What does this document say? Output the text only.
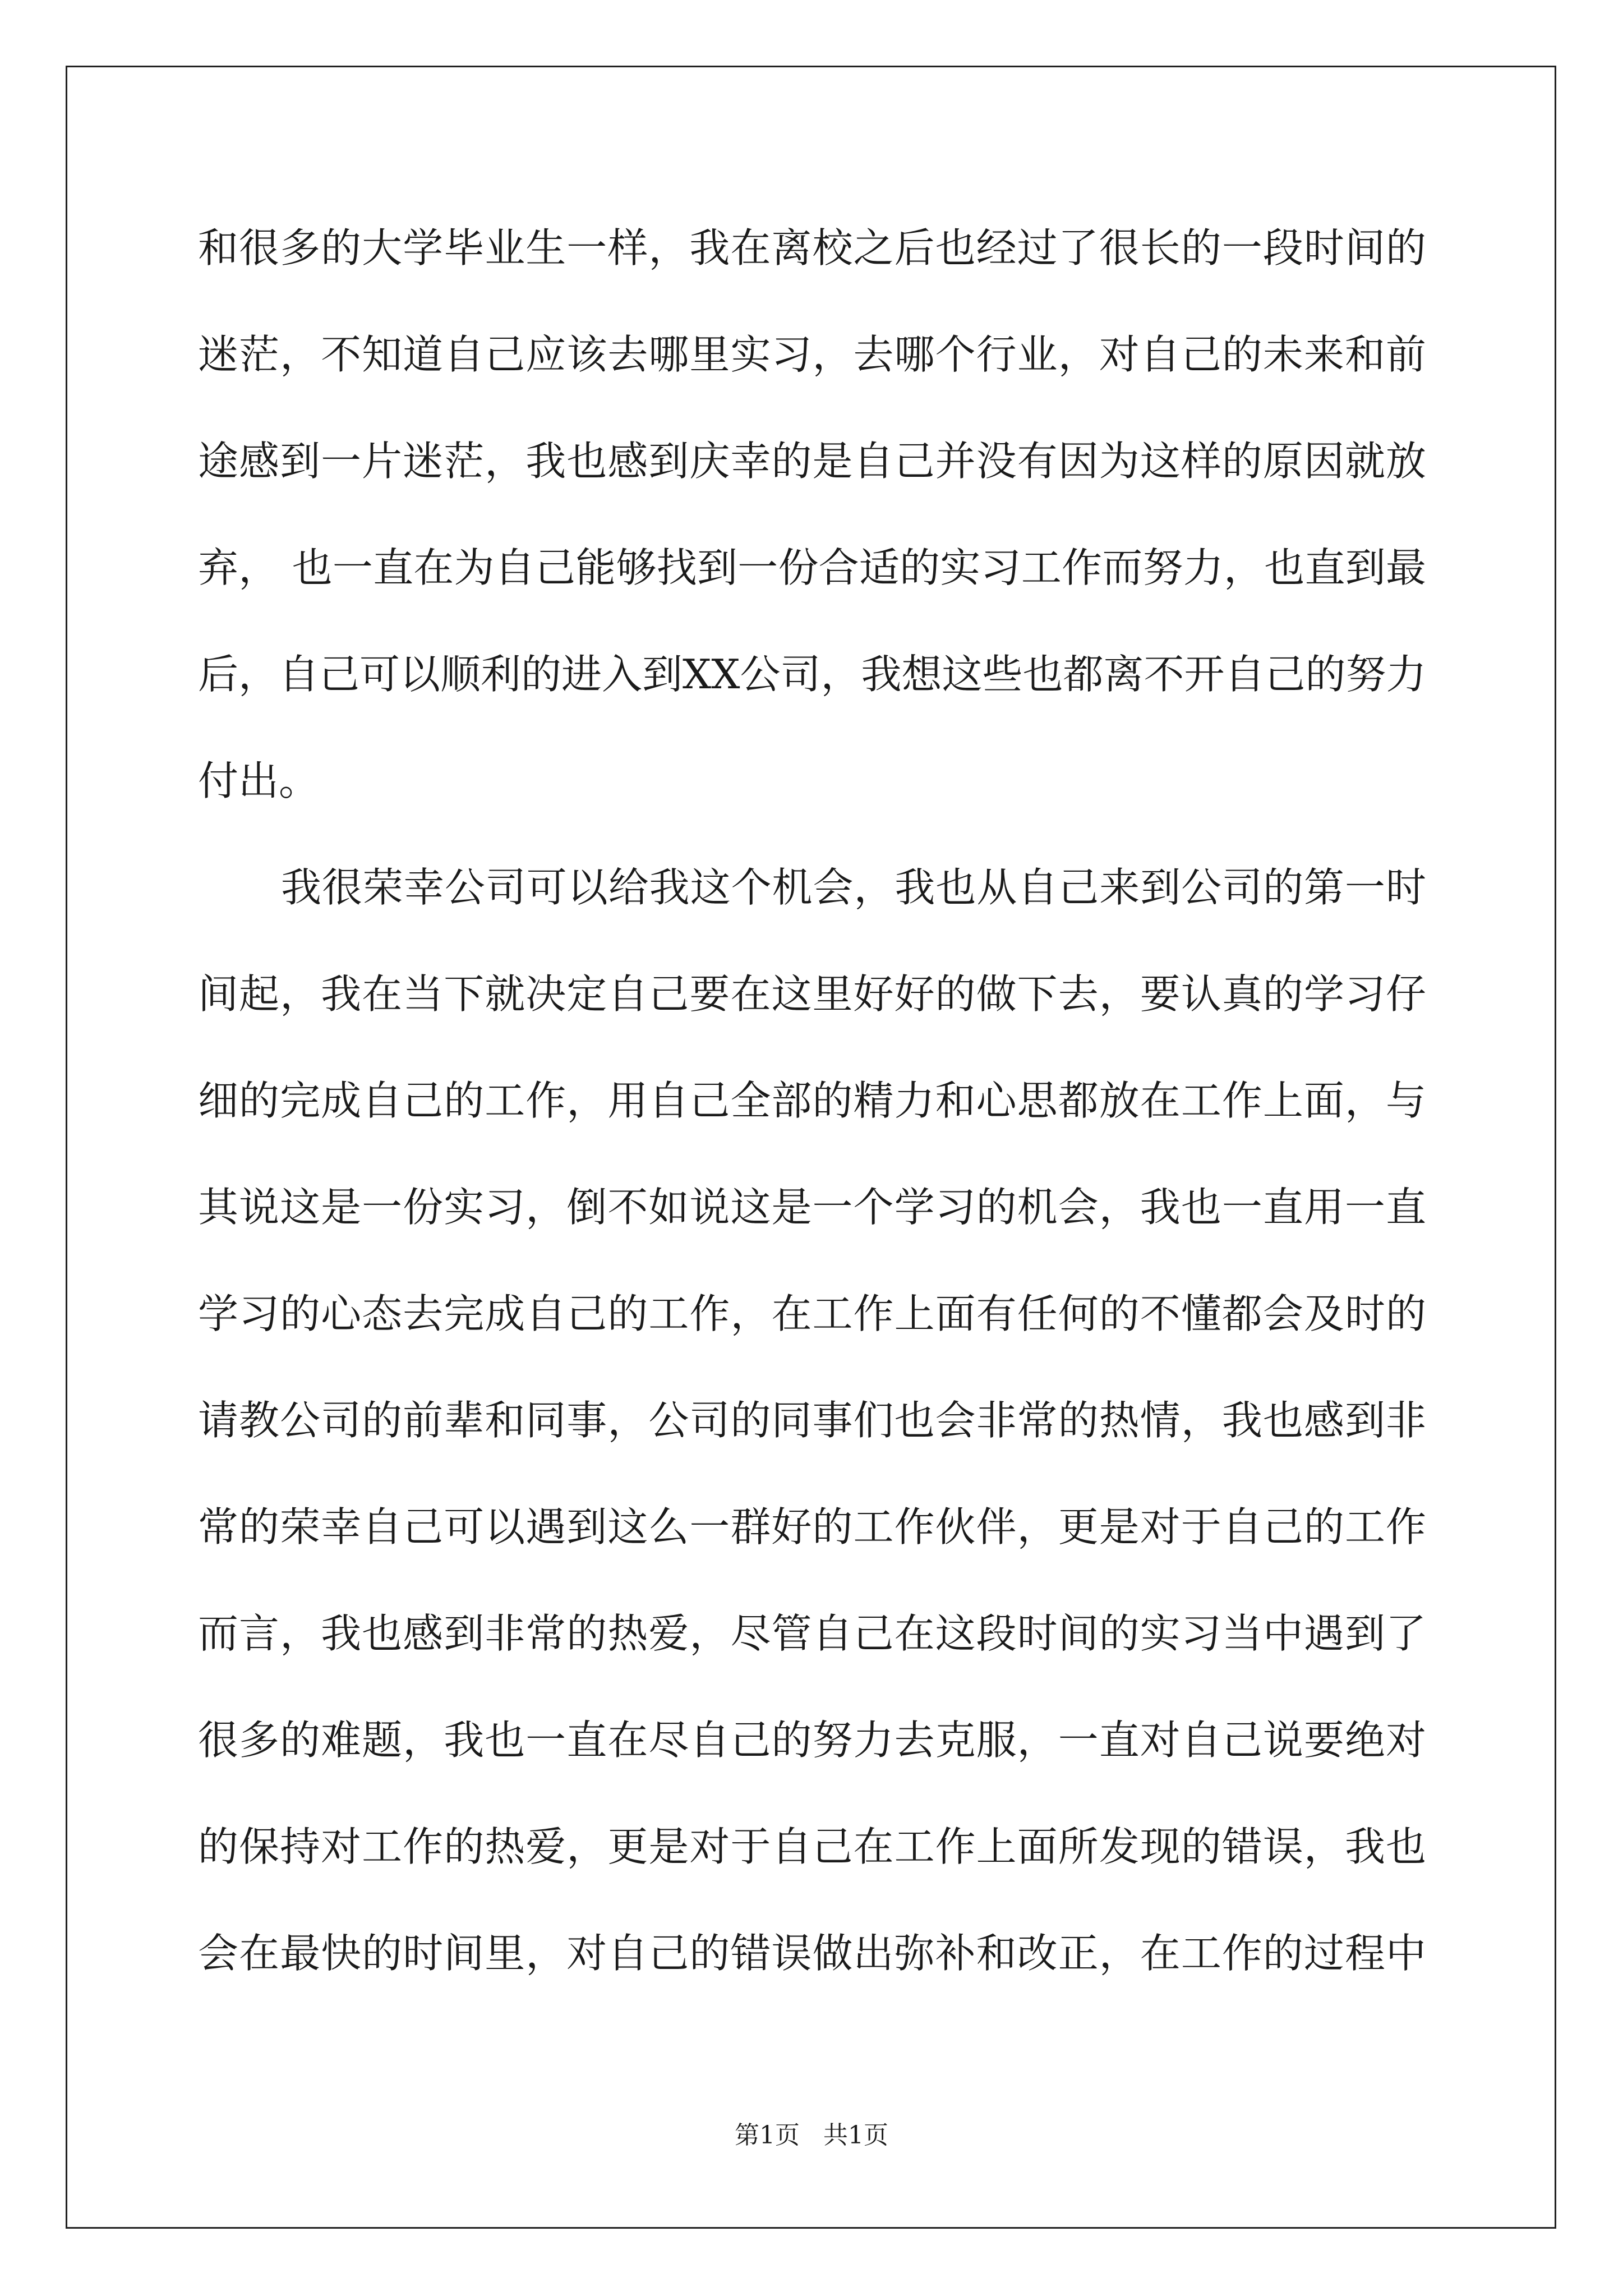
和很多的大学毕业生一样，我在离校之后也经过了很长的一段时间的
迷茫，不知道自己应该去哪里实习，去哪个行业，对自己的未来和前
途感到一片迷茫，我也感到庆幸的是自己并没有因为这样的原因就放
弃， 也一直在为自己能够找到一份合适的实习工作而努力，也直到最
后，自己可以顺利的进入到XX公司，我想这些也都离不开自己的努力
付出。
我很荣幸公司可以给我这个机会，我也从自己来到公司的第一时
间起，我在当下就决定自己要在这里好好的做下去，要认真的学习仔
细的完成自己的工作，用自己全部的精力和心思都放在工作上面，与
其说这是一份实习，倒不如说这是一个学习的机会，我也一直用一直
学习的心态去完成自己的工作，在工作上面有任何的不懂都会及时的
请教公司的前辈和同事，公司的同事们也会非常的热情，我也感到非
常的荣幸自己可以遇到这么一群好的工作伙伴，更是对于自己的工作
而言，我也感到非常的热爱，尽管自己在这段时间的实习当中遇到了
很多的难题，我也一直在尽自己的努力去克服，一直对自己说要绝对
的保持对工作的热爱，更是对于自己在工作上面所发现的错误，我也
会在最快的时间里，对自己的错误做出弥补和改正，在工作的过程中
第1页   共1页
